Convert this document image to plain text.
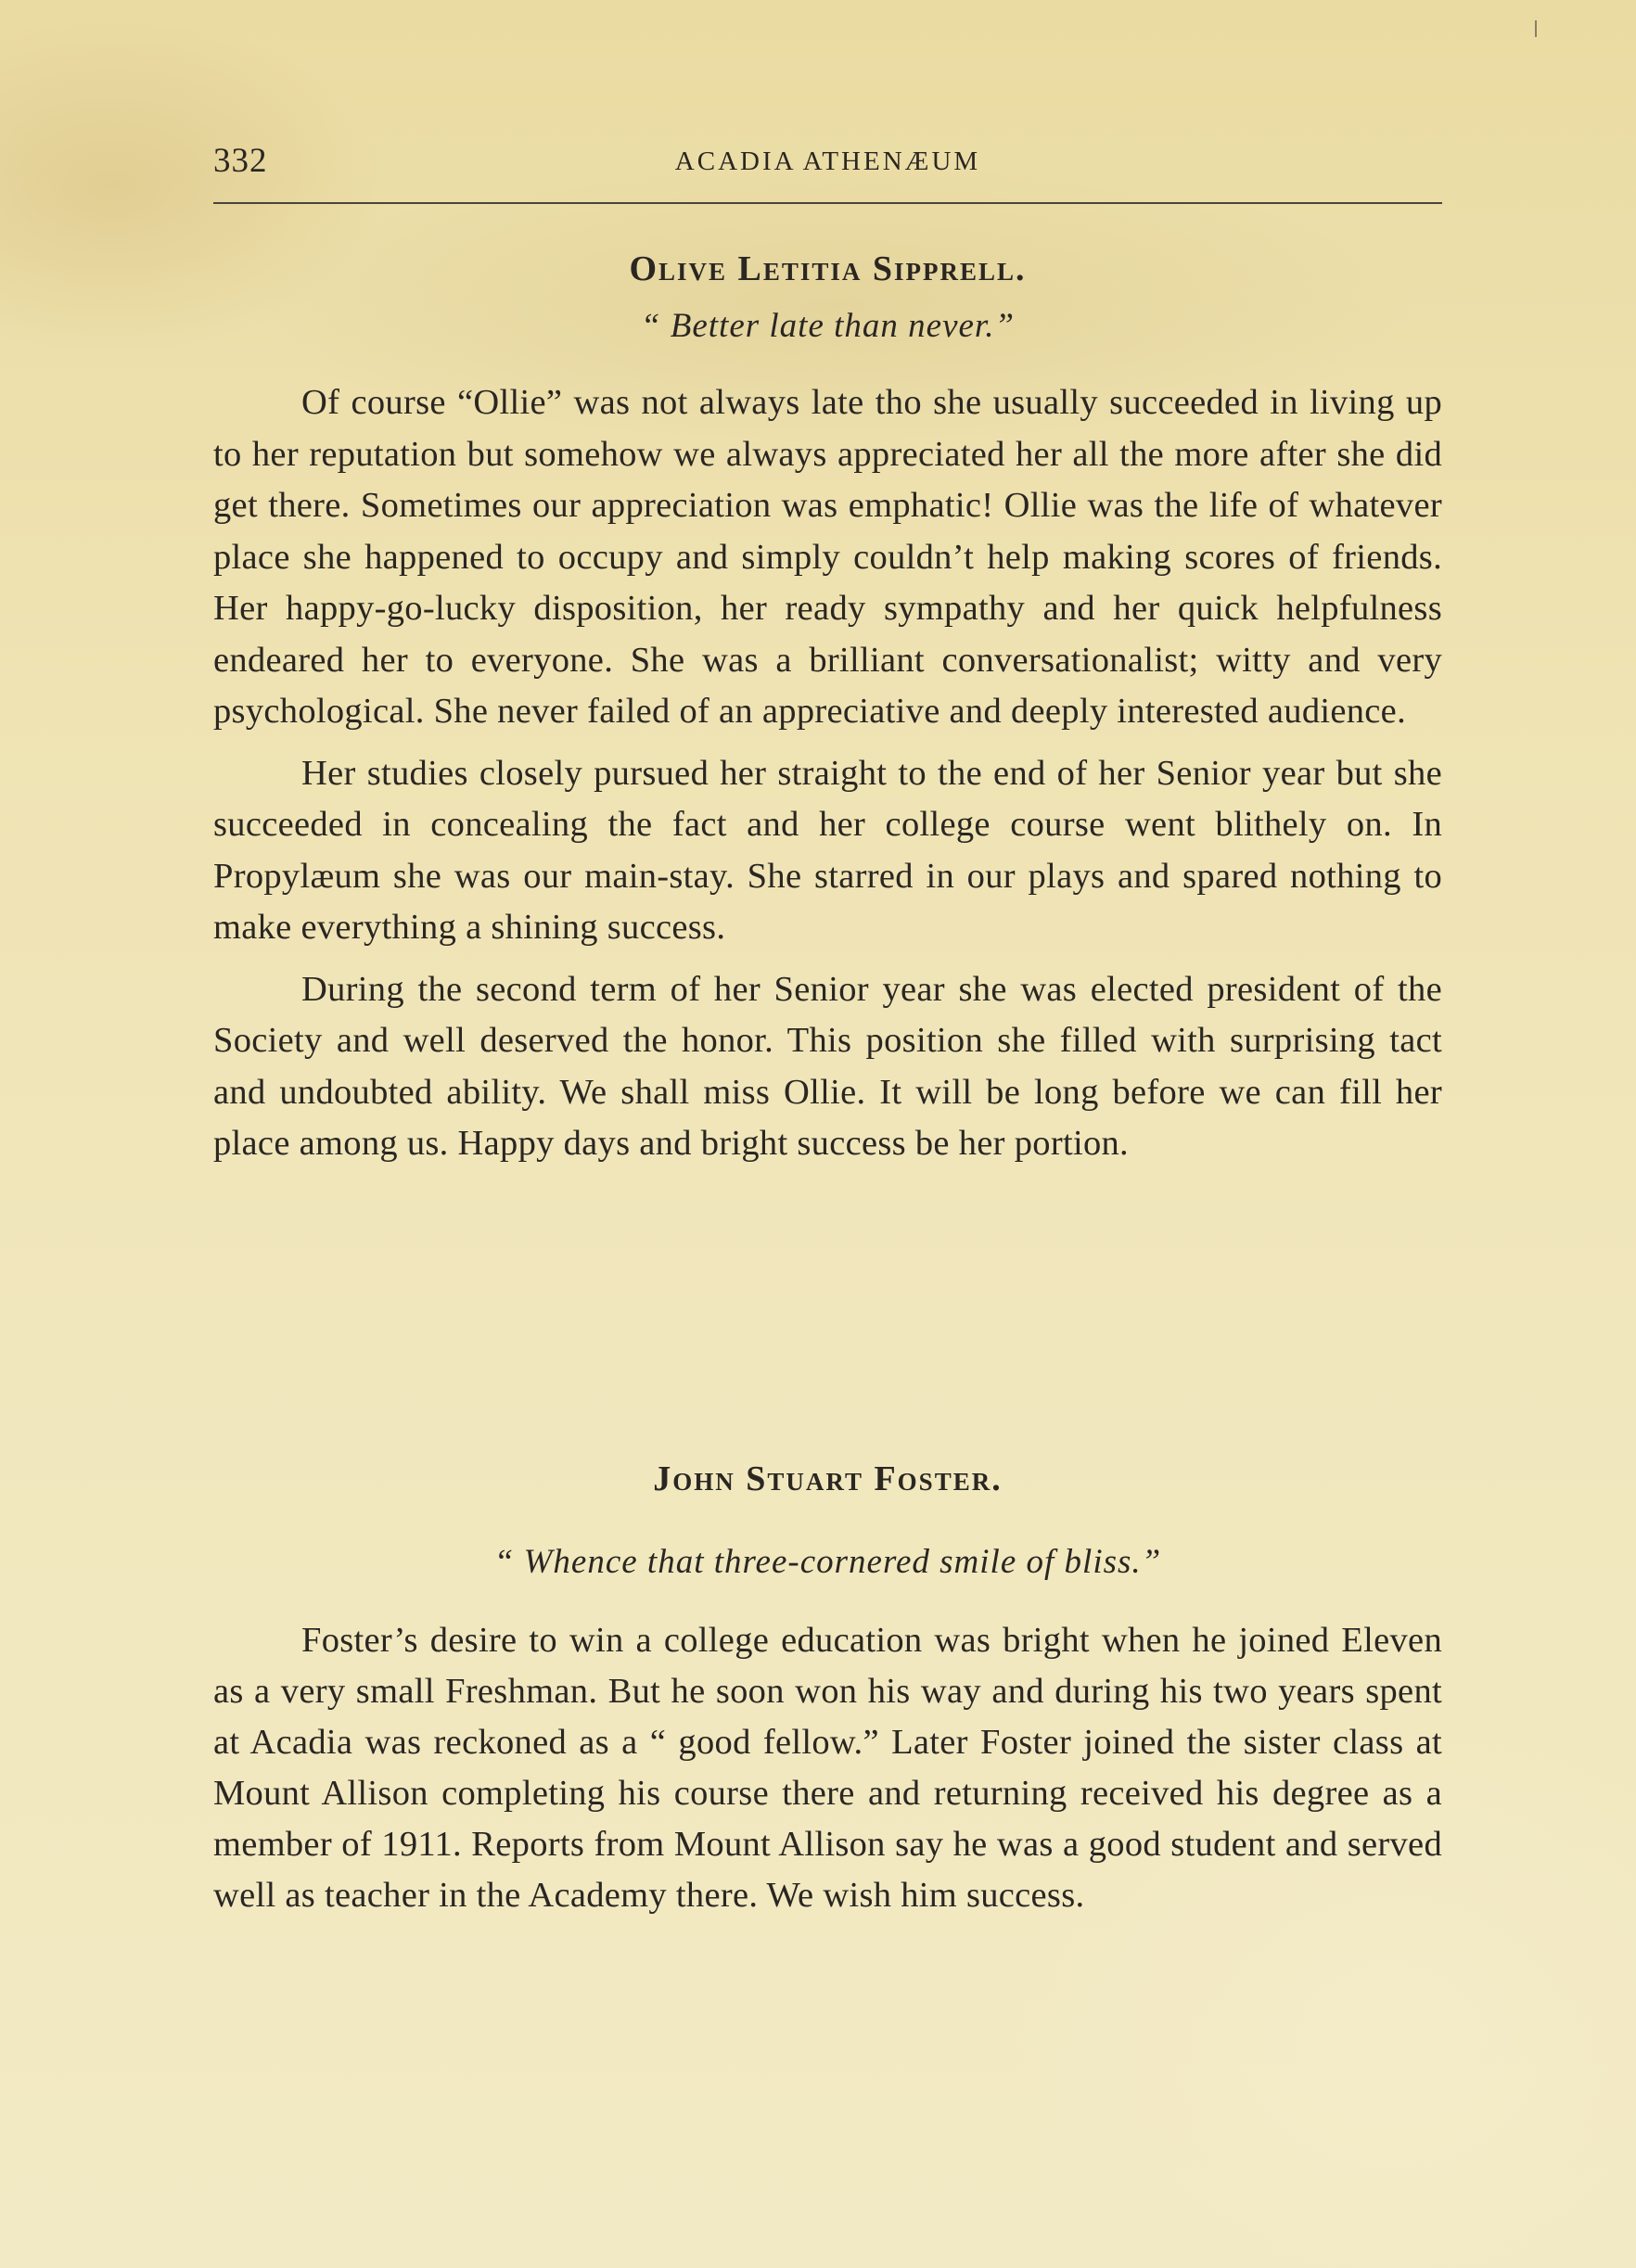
332	ACADIA ATHENÆUM
Olive Letitia Sipprell.

“ Better late than never.”

Of course “Ollie” was not always late tho she usually succeeded in living up to her reputation but somehow we always appreciated her all the more after she did get there. Sometimes our appreciation was emphatic! Ollie was the life of whatever place she happened to occupy and simply couldn’t help making scores of friends. Her happy-go-lucky disposition, her ready sympathy and her quick helpfulness endeared her to everyone. She was a brilliant conversationalist; witty and very psychological. She never failed of an appreciative and deeply interested audience.

Her studies closely pursued her straight to the end of her Senior year but she succeeded in concealing the fact and her college course went blithely on. In Propylæum she was our main-stay. She starred in our plays and spared nothing to make everything a shining success.

During the second term of her Senior year she was elected president of the Society and well deserved the honor. This position she filled with surprising tact and undoubted ability. We shall miss Ollie. It will be long before we can fill her place among us. Happy days and bright success be her portion.

John Stuart Foster.

“ Whence that three-cornered smile of bliss.”

Foster’s desire to win a college education was bright when he joined Eleven as a very small Freshman. But he soon won his way and during his two years spent at Acadia was reckoned as a “ good fellow.” Later Foster joined the sister class at Mount Allison completing his course there and returning received his degree as a member of 1911. Reports from Mount Allison say he was a good student and served well as teacher in the Academy there. We wish him success.
